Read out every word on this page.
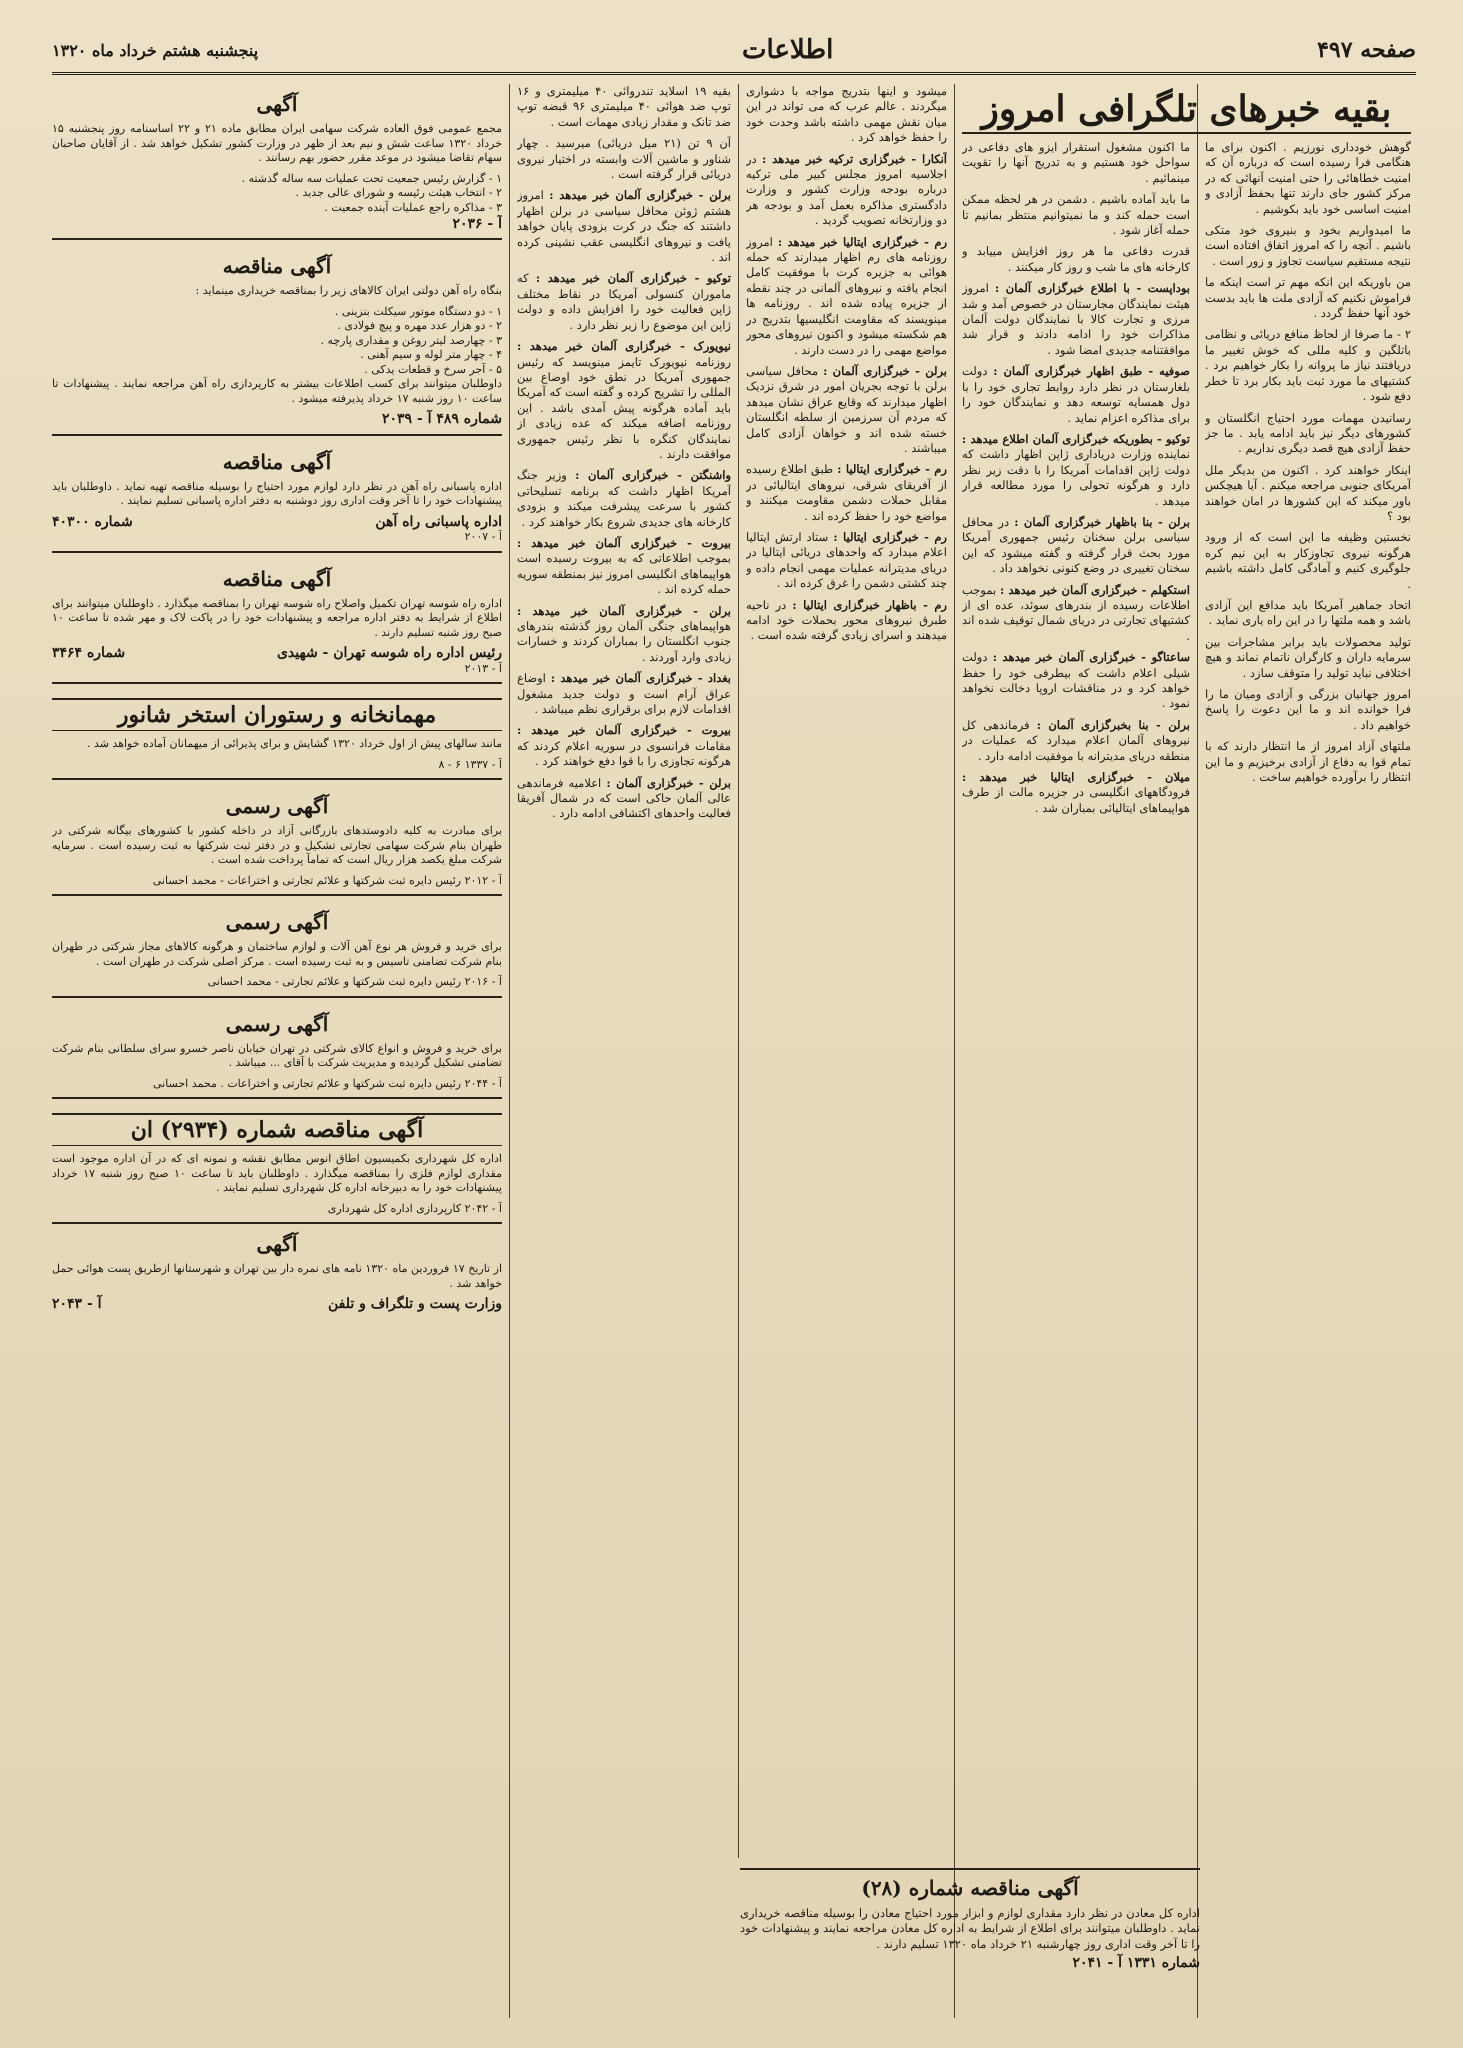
صفحه ۴۹۷
اطلاعات
پنجشنبه هشتم خرداد ماه ۱۳۲۰

گوهش خودداری نورزیم . اکنون برای ما هنگامی فرا رسیده است که درباره آن که امنیت خطاهائی را حتی امنیت آنهائی که در مرکز کشور جای دارند تنها بحفظ آزادی و امنیت اساسی خود باید بکوشیم .

ما امیدواریم بخود و بنیروی خود متکی باشیم . آنچه را که امروز اتفاق افتاده است نتیجه مستقیم سیاست تجاوز و زور است .

من باوریکه این انکه مهم تر است اینکه ما فراموش نکنیم که آزادی ملت ها باید بدست خود آنها حفظ گردد .

۲ - ما صرفا از لحاظ منافع دریائی و نظامی باتلگین و کلیه مللی که خوش تغییر ما دریافتند نیاز ما پروانه را بکار خواهیم برد . کشتیهای ما مورد ثبت باید بکار برد تا خطر دفع شود .

رسانیدن مهمات مورد احتیاج انگلستان و کشورهای دیگر نیز باید ادامه یابد . ما جز حفظ آزادی هیچ قصد دیگری نداریم .

اینکار خواهند کرد . اکنون من بدیگر ملل آمریکای جنوبی مراجعه میکنم . آیا هیچکس باور میکند که این کشورها در امان خواهند بود ؟

نخستین وظیفه ما این است که از ورود هرگونه نیروی تجاوزکار به این نیم کره جلوگیری کنیم و آمادگی کامل داشته باشیم .

اتحاد جماهیر آمریکا باید مدافع این آزادی باشد و همه ملتها را در این راه یاری نماید .

تولید محصولات باید برابر مشاجرات بین سرمایه داران و کارگران ناتمام نماند و هیچ اختلافی نباید تولید را متوقف سازد .

امروز جهانیان بزرگی و آزادی ومیان ما را فرا خوانده اند و ما این دعوت را پاسخ خواهیم داد .

ملتهای آزاد امروز از ما انتظار دارند که با تمام قوا به دفاع از آزادی برخیزیم و ما این انتظار را برآورده خواهیم ساخت .

بقیه خبرهای تلگرافی امروز

ما اکنون مشغول استقرار ایزو های دفاعی در سواحل خود هستیم و به تدریج آنها را تقویت مینمائیم .

ما باید آماده باشیم . دشمن در هر لحظه ممکن است حمله کند و ما نمیتوانیم منتظر بمانیم تا حمله آغاز شود .

قدرت دفاعی ما هر روز افزایش مییابد و کارخانه های ما شب و روز کار میکنند .

بوداپست - با اطلاع خبرگزاری آلمان : امروز هیئت نمایندگان مجارستان در خصوص آمد و شد مرزی و تجارت کالا با نمایندگان دولت آلمان مذاکرات خود را ادامه دادند و قرار شد موافقتنامه جدیدی امضا شود .

صوفیه - طبق اظهار خبرگزاری آلمان : دولت بلغارستان در نظر دارد روابط تجاری خود را با دول همسایه توسعه دهد و نمایندگان خود را برای مذاکره اعزام نماید .

توکیو - بطوریکه خبرگزاری آلمان اطلاع میدهد : نماینده وزارت دریاداری ژاپن اظهار داشت که دولت ژاپن اقدامات آمریکا را با دقت زیر نظر دارد و هرگونه تحولی را مورد مطالعه قرار میدهد .

برلن - بنا باظهار خبرگزاری آلمان : در محافل سیاسی برلن سخنان رئیس جمهوری آمریکا مورد بحث قرار گرفته و گفته میشود که این سخنان تغییری در وضع کنونی نخواهد داد .

استکهلم - خبرگزاری آلمان خبر میدهد : بموجب اطلاعات رسیده از بندرهای سوئد، عده ای از کشتیهای تجارتی در دریای شمال توقیف شده اند .

ساعتاگو - خبرگزاری آلمان خبر میدهد : دولت شیلی اعلام داشت که بیطرفی خود را حفظ خواهد کرد و در مناقشات اروپا دخالت نخواهد نمود .

برلن - بنا بخبرگزاری آلمان : فرماندهی کل نیروهای آلمان اعلام میدارد که عملیات در منطقه دریای مدیترانه با موفقیت ادامه دارد .

میلان - خبرگزاری ایتالیا خبر میدهد : فرودگاههای انگلیسی در جزیره مالت از طرف هواپیماهای ایتالیائی بمباران شد .

میشود و اینها بتدریج مواجه با دشواری میگردند . عالم عرب که می تواند در این میان نقش مهمی داشته باشد وحدت خود را حفظ خواهد کرد .

آنکارا - خبرگزاری ترکیه خبر میدهد : در اجلاسیه امروز مجلس کبیر ملی ترکیه درباره بودجه وزارت کشور و وزارت دادگستری مذاکره بعمل آمد و بودجه هر دو وزارتخانه تصویب گردید .

رم - خبرگزاری ایتالیا خبر میدهد : امروز روزنامه های رم اظهار میدارند که حمله هوائی به جزیره کرت با موفقیت کامل انجام یافته و نیروهای آلمانی در چند نقطه از جزیره پیاده شده اند . روزنامه ها مینویسند که مقاومت انگلیسیها بتدریج در هم شکسته میشود و اکنون نیروهای محور مواضع مهمی را در دست دارند .

برلن - خبرگزاری آلمان : محافل سیاسی برلن با توجه بجریان امور در شرق نزدیک اظهار میدارند که وقایع عراق نشان میدهد که مردم آن سرزمین از سلطه انگلستان خسته شده اند و خواهان آزادی کامل میباشند .

رم - خبرگزاری ایتالیا : طبق اطلاع رسیده از آفریقای شرقی، نیروهای ایتالیائی در مقابل حملات دشمن مقاومت میکنند و مواضع خود را حفظ کرده اند .

رم - خبرگزاری ایتالیا : ستاد ارتش ایتالیا اعلام میدارد که واحدهای دریائی ایتالیا در دریای مدیترانه عملیات مهمی انجام داده و چند کشتی دشمن را غرق کرده اند .

رم - باظهار خبرگزاری ایتالیا : در ناحیه طبرق نیروهای محور بحملات خود ادامه میدهند و اسرای زیادی گرفته شده است .

آگهی مناقصه شماره (۲۸)

اداره کل معادن در نظر دارد مقداری لوازم و ابزار مورد احتیاج معادن را بوسیله مناقصه خریداری نماید . داوطلبان میتوانند برای اطلاع از شرایط به اداره کل معادن مراجعه نمایند و پیشنهادات خود را تا آخر وقت اداری روز چهارشنبه ۲۱ خرداد ماه ۱۳۲۰ تسلیم دارند .

شماره ۱۳۳۱ آ - ۲۰۴۱

بقیه ۱۹ اسلاید تندروائی ۴۰ میلیمتری و ۱۶ توپ ضد هوائی ۴۰ میلیمتری ۹۶ قبضه توپ ضد تانک و مقدار زیادی مهمات است .

آن ۹ تن (۲۱ میل دریائی) میرسید . چهار شناور و ماشین آلات وابسته در اختیار نیروی دریائی قرار گرفته است .

برلن - خبرگزاری آلمان خبر میدهد : امروز هشتم ژوئن محافل سیاسی در برلن اظهار داشتند که جنگ در کرت بزودی پایان خواهد یافت و نیروهای انگلیسی عقب نشینی کرده اند .

توکیو - خبرگزاری آلمان خبر میدهد : که ماموران کنسولی آمریکا در نقاط مختلف ژاپن فعالیت خود را افزایش داده و دولت ژاپن این موضوع را زیر نظر دارد .

نیویورک - خبرگزاری آلمان خبر میدهد : روزنامه نیویورک تایمز مینویسد که رئیس جمهوری آمریکا در نطق خود اوضاع بین المللی را تشریح کرده و گفته است که آمریکا باید آماده هرگونه پیش آمدی باشد . این روزنامه اضافه میکند که عده زیادی از نمایندگان کنگره با نظر رئیس جمهوری موافقت دارند .

واشنگتن - خبرگزاری آلمان : وزیر جنگ آمریکا اظهار داشت که برنامه تسلیحاتی کشور با سرعت پیشرفت میکند و بزودی کارخانه های جدیدی شروع بکار خواهند کرد .

بیروت - خبرگزاری آلمان خبر میدهد : بموجب اطلاعاتی که به بیروت رسیده است هواپیماهای انگلیسی امروز نیز بمنطقه سوریه حمله کرده اند .

برلن - خبرگزاری آلمان خبر میدهد : هواپیماهای جنگی آلمان روز گذشته بندرهای جنوب انگلستان را بمباران کردند و خسارات زیادی وارد آوردند .

بغداد - خبرگزاری آلمان خبر میدهد : اوضاع عراق آرام است و دولت جدید مشغول اقدامات لازم برای برقراری نظم میباشد .

بیروت - خبرگزاری آلمان خبر میدهد : مقامات فرانسوی در سوریه اعلام کردند که هرگونه تجاوزی را با قوا دفع خواهند کرد .

برلن - خبرگزاری آلمان : اعلامیه فرماندهی عالی آلمان حاکی است که در شمال آفریقا فعالیت واحدهای اکتشافی ادامه دارد .

آگهی

مجمع عمومی فوق العاده شرکت سهامی ایران مطابق ماده ۲۱ و ۲۲ اساسنامه روز پنجشنبه ۱۵ خرداد ۱۳۲۰ ساعت شش و نیم بعد از ظهر در وزارت کشور تشکیل خواهد شد . از آقایان صاحبان سهام تقاضا میشود در موعد مقرر حضور بهم رسانند .

۱ - گزارش رئیس جمعیت تحت عملیات سه ساله گذشته .
۲ - انتخاب هیئت رئیسه و شورای عالی جدید .
۳ - مذاکره راجع عملیات آینده جمعیت .
آ - ۲۰۳۶
آگهی مناقصه

بنگاه راه آهن دولتی ایران کالاهای زیر را بمناقصه خریداری مینماید :

۱ - دو دستگاه موتور سیکلت بنزینی .
۲ - دو هزار عدد مهره و پیچ فولادی .
۳ - چهارصد لیتر روغن و مقداری پارچه .
۴ - چهار متر لوله و سیم آهنی .
۵ - آجر سرخ و قطعات یدکی .

داوطلبان میتوانند برای کسب اطلاعات بیشتر به کارپردازی راه آهن مراجعه نمایند . پیشنهادات تا ساعت ۱۰ روز شنبه ۱۷ خرداد پذیرفته میشود .

شماره ۴۸۹ آ - ۲۰۳۹
آگهی مناقصه

اداره پاسبانی راه آهن در نظر دارد لوازم مورد احتیاج را بوسیله مناقصه تهیه نماید . داوطلبان باید پیشنهادات خود را تا آخر وقت اداری روز دوشنبه به دفتر اداره پاسبانی تسلیم نمایند .

اداره پاسبانی راه آهن
شماره ۴۰۳۰۰
آ - ۲۰۰۷
آگهی مناقصه

اداره راه شوسه تهران تکمیل واصلاح راه شوسه تهران را بمناقصه میگذارد . داوطلبان میتوانند برای اطلاع از شرایط به دفتر اداره مراجعه و پیشنهادات خود را در پاکت لاک و مهر شده تا ساعت ۱۰ صبح روز شنبه تسلیم دارند .

رئیس اداره راه شوسه تهران - شهیدی
شماره ۳۴۶۴
آ - ۲۰۱۳
مهمانخانه و رستوران استخر شانور

مانند سالهای پیش از اول خرداد ۱۳۲۰ گشایش و برای پذیرائی از میهمانان آماده خواهد شد .

آ - ۱۳۳۷ ۶ - ۸
آگهی رسمی

برای مبادرت به کلیه دادوستدهای بازرگانی آزاد در داخله کشور با کشورهای بیگانه شرکتی در طهران بنام شرکت سهامی تجارتی تشکیل و در دفتر ثبت شرکتها به ثبت رسیده است . سرمایه شرکت مبلغ یکصد هزار ریال است که تمامآ پرداخت شده است .

آ - ۲۰۱۲ رئیس دایره ثبت شرکتها و علائم تجارتی و اختراعات - محمد احسانی
آگهی رسمی

برای خرید و فروش هر نوع آهن آلات و لوازم ساختمان و هرگونه کالاهای مجاز شرکتی در طهران بنام شرکت تضامنی تاسیس و به ثبت رسیده است . مرکز اصلی شرکت در طهران است .

آ - ۲۰۱۶ رئیس دایره ثبت شرکتها و علائم تجارتی - محمد احسانی
آگهی رسمی

برای خرید و فروش و انواع کالای شرکتی در تهران خیابان ناصر خسرو سرای سلطانی بنام شرکت تضامنی تشکیل گردیده و مدیریت شرکت با آقای ... میباشد .

آ - ۲۰۴۴ رئیس دایره ثبت شرکتها و علائم تجارتی و اختراعات . محمد احسانی
آگهی مناقصه شماره (۲۹۳۴) ان

اداره کل شهرداری بکمیسیون اطاق انوس مطابق نقشه و نمونه ای که در آن اداره موجود است مقداری لوازم فلزی را بمناقصه میگذارد . داوطلبان باید تا ساعت ۱۰ صبح روز شنبه ۱۷ خرداد پیشنهادات خود را به دبیرخانه اداره کل شهرداری تسلیم نمایند .

آ - ۲۰۴۲ کارپردازی اداره کل شهرداری
آگهی

از تاریخ ۱۷ فروردین ماه ۱۳۲۰ نامه های نمره دار بین تهران و شهرستانها ازطریق پست هوائی حمل خواهد شد .

وزارت پست و تلگراف و تلفن
آ - ۲۰۴۳
